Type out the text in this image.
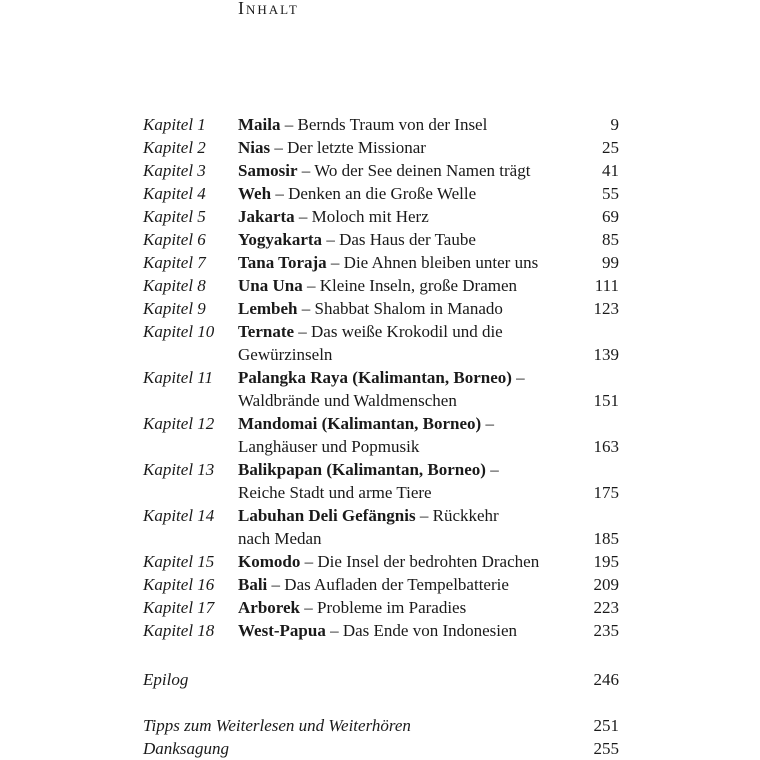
Inhalt
Kapitel 1 Maila – Bernds Traum von der Insel	9
Kapitel 2 Nias – Der letzte Missionar	25
Kapitel 3 Samosir – Wo der See deinen Namen trägt	41
Kapitel 4 Weh – Denken an die Große Welle	55
Kapitel 5 Jakarta – Moloch mit Herz	69
Kapitel 6 Yogyakarta – Das Haus der Taube	85
Kapitel 7 Tana Toraja – Die Ahnen bleiben unter uns	99
Kapitel 8 Una Una – Kleine Inseln, große Dramen	111
Kapitel 9 Lembeh – Shabbat Shalom in Manado	123
Kapitel 10 Ternate – Das weiße Krokodil und die
Gewürzinseln	139
Kapitel 11 Palangka Raya (Kalimantan, Borneo) –
Waldbrände und Waldmenschen	151
Kapitel 12 Mandomai (Kalimantan, Borneo) –
Langhäuser und Popmusik	163
Kapitel 13 Balikpapan (Kalimantan, Borneo) –
Reiche Stadt und arme Tiere	175
Kapitel 14 Labuhan Deli Gefängnis – Rückkehr
nach Medan	185
Kapitel 15 Komodo – Die Insel der bedrohten Drachen	195
Kapitel 16 Bali – Das Aufladen der Tempelbatterie	209
Kapitel 17 Arborek – Probleme im Paradies	223
Kapitel 18 West-Papua – Das Ende von Indonesien	235
Epilog	246
Tipps zum Weiterlesen und Weiterhören	251
Danksagung	255
